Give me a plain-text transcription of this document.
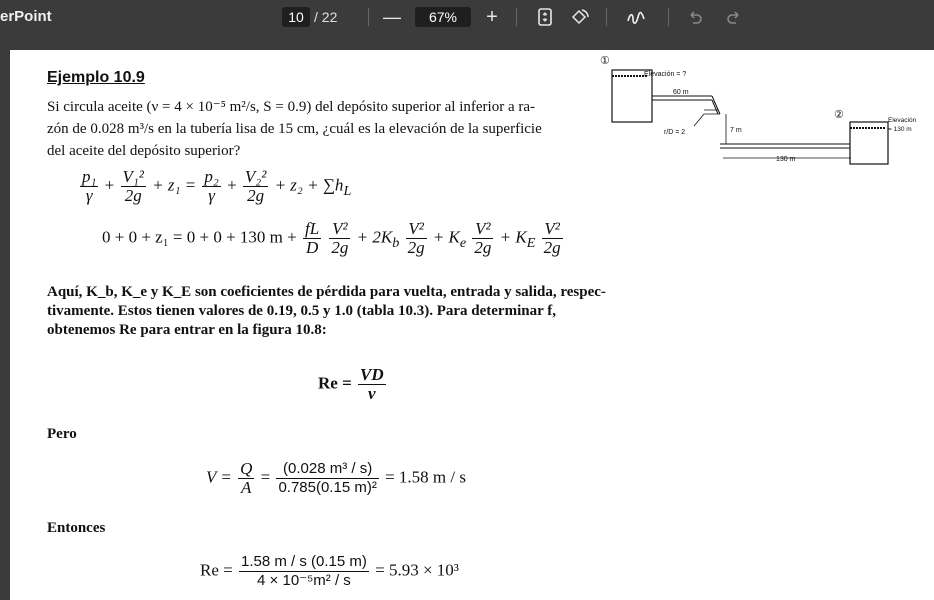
erPoint	10 / 22	—	67%	+
Ejemplo 10.9
Si circula aceite (ν = 4 × 10⁻⁵ m²/s, S = 0.9) del depósito superior al inferior a ra-
zón de 0.028 m³/s en la tubería lisa de 15 cm, ¿cuál es la elevación de la superficie
del aceite del depósito superior?
①
Elevación = ?
60 m
r/D = 2	7 m
130 m
②	Elevación
= 130 m
$\frac{\text{p₁}}{\gamma} + \frac{\text{V₁²}}{2g} + z_1 = \frac{\text{p₂}}{\gamma} + \frac{\text{V₂²}}{2g} + z_2 + \sum h_L$
0 + 0 + z₁ = 0 + 0 + 130 $m + \frac{fL}{D}$
$\frac{\text{V²}}{2g} + 2K_b \frac{\text{V²}}{2g} + K_e \frac{\text{V²}}{2g} + K_E \frac{\text{V²}}{2g}$
Aquí, K_b, K_e y K_E son coeficientes de pérdida para vuelta, entrada y salida, respec-
tivamente. Estos tienen valores de 0.19, 0.5 y 1.0 (tabla 10.3). Para determinar f,
obtenemos Re para entrar en la figura 10.8:
$Re = \frac{VD}{\nu}$
Pero
$V = \frac{Q}{A} = \frac{\text{(0.028 m³ / s)}}{\text{0.785(0.15 m)²}} = 1.58$ m / s
Entonces
$Re = \frac{1.58 m / s (0.15 m)}{\text{4 × 10⁻⁵m² / s}} = 5.93 \times 10^3$
